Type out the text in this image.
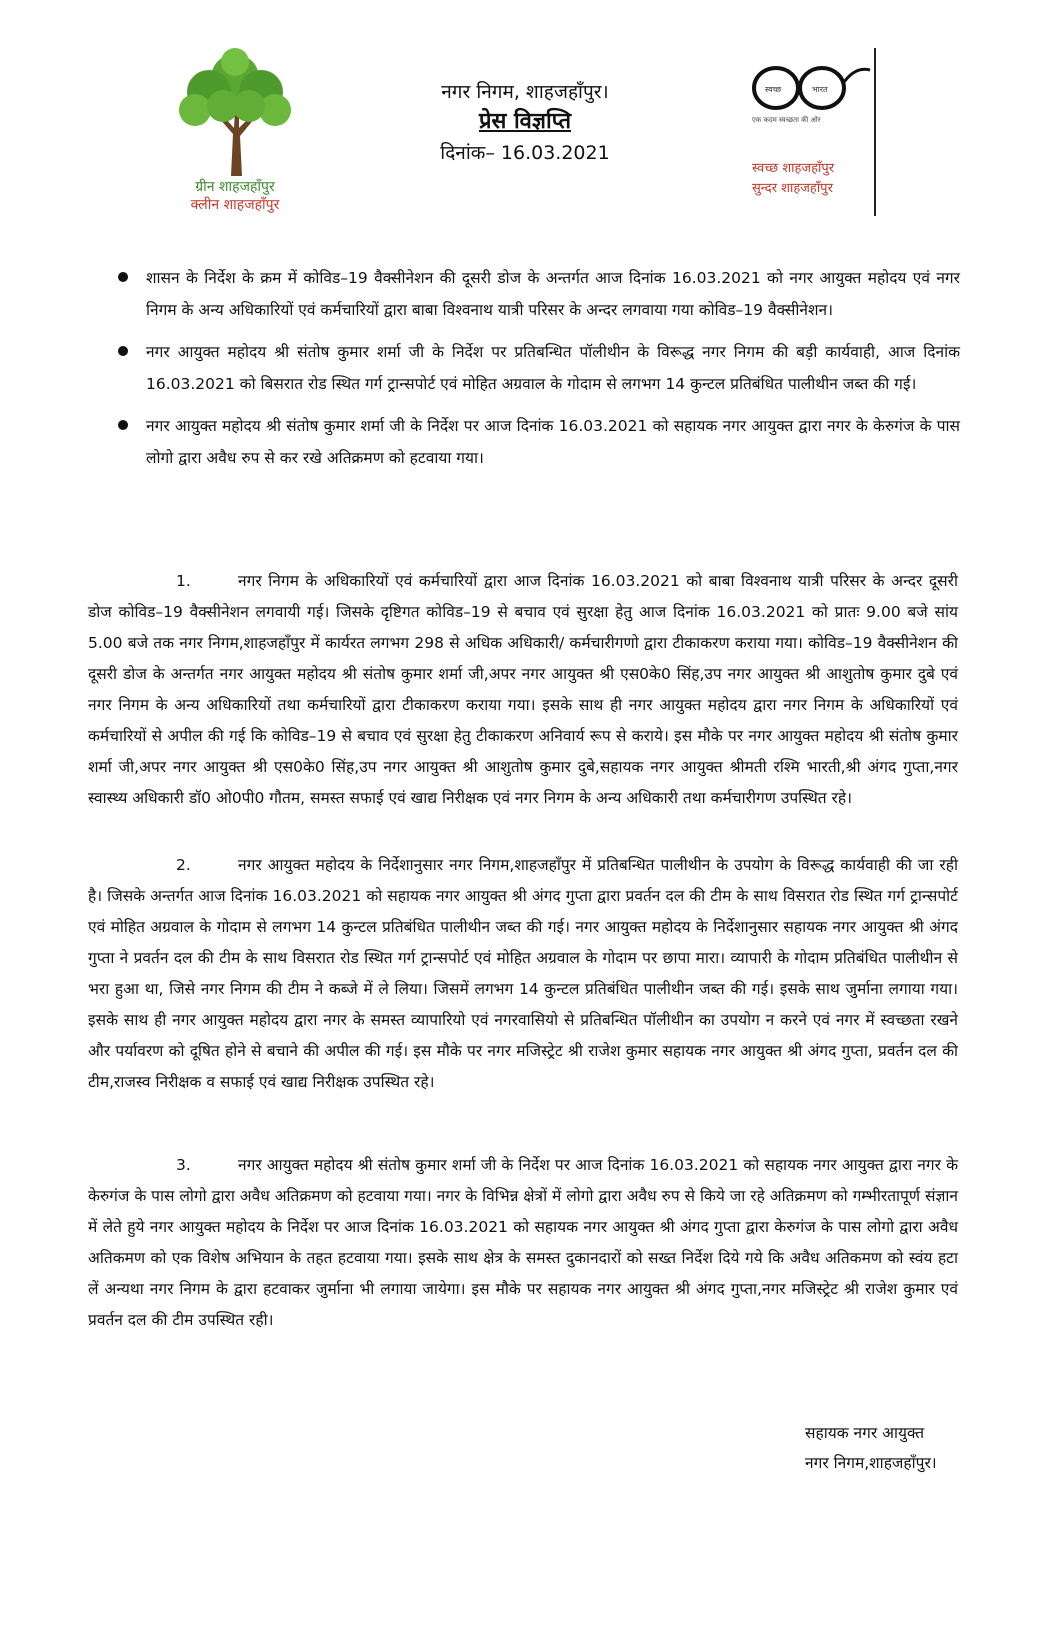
ग्रीन शाहजहाँपुर
क्लीन शाहजहाँपुर
नगर निगम, शाहजहाँपुर।
प्रेस विज्ञप्ति
दिनांक– 16.03.2021
स्वच्छ	भारत
एक कदम स्वच्छता की ओर
स्वच्छ शाहजहाँपुर
सुन्दर शाहजहाँपुर
शासन के निर्देश के क्रम में कोविड–19 वैक्सीनेशन की दूसरी डोज के अन्तर्गत आज दिनांक 16.03.2021 को नगर आयुक्त महोदय एवं नगर निगम के अन्य अधिकारियों एवं कर्मचारियों द्वारा बाबा विश्वनाथ यात्री परिसर के अन्दर लगवाया गया कोविड–19 वैक्सीनेशन।
नगर आयुक्त महोदय श्री संतोष कुमार शर्मा जी के निर्देश पर प्रतिबन्धित पॉलीथीन के विरूद्ध नगर निगम की बड़ी कार्यवाही, आज दिनांक 16.03.2021 को बिसरात रोड स्थित गर्ग ट्रान्सपोर्ट एवं मोहित अग्रवाल के गोदाम से लगभग 14 कुन्टल प्रतिबंधित पालीथीन जब्त की गई।
नगर आयुक्त महोदय श्री संतोष कुमार शर्मा जी के निर्देश पर आज दिनांक 16.03.2021 को सहायक नगर आयुक्त द्वारा नगर के केरुगंज के पास लोगो द्वारा अवैध रुप से कर रखे अतिक्रमण को हटवाया गया।
1.	नगर निगम के अधिकारियों एवं कर्मचारियों द्वारा आज दिनांक 16.03.2021 को बाबा विश्वनाथ यात्री परिसर के अन्दर दूसरी डोज कोविड–19 वैक्सीनेशन लगवायी गई। जिसके दृष्टिगत कोविड–19 से बचाव एवं सुरक्षा हेतु आज दिनांक 16.03.2021 को प्रातः 9.00 बजे सांय 5.00 बजे तक नगर निगम,शाहजहाँपुर में कार्यरत लगभग 298 से अधिक अधिकारी/ कर्मचारीगणो द्वारा टीकाकरण कराया गया। कोविड–19 वैक्सीनेशन की दूसरी डोज के अन्तर्गत नगर आयुक्त महोदय श्री संतोष कुमार शर्मा जी,अपर नगर आयुक्त श्री एस0के0 सिंह,उप नगर आयुक्त श्री आशुतोष कुमार दुबे एवं नगर निगम के अन्य अधिकारियों तथा कर्मचारियों द्वारा टीकाकरण कराया गया। इसके साथ ही नगर आयुक्त महोदय द्वारा नगर निगम के अधिकारियों एवं कर्मचारियों से अपील की गई कि कोविड–19 से बचाव एवं सुरक्षा हेतु टीकाकरण अनिवार्य रूप से कराये। इस मौके पर नगर आयुक्त महोदय श्री संतोष कुमार शर्मा जी,अपर नगर आयुक्त श्री एस0के0 सिंह,उप नगर आयुक्त श्री आशुतोष कुमार दुबे,सहायक नगर आयुक्त श्रीमती रश्मि भारती,श्री अंगद गुप्ता,नगर स्वास्थ्य अधिकारी डॉ0 ओ0पी0 गौतम, समस्त सफाई एवं खाद्य निरीक्षक एवं नगर निगम के अन्य अधिकारी तथा कर्मचारीगण उपस्थित रहे।
2.	नगर आयुक्त महोदय के निर्देशानुसार नगर निगम,शाहजहाँपुर में प्रतिबन्धित पालीथीन के उपयोग के विरूद्ध कार्यवाही की जा रही है। जिसके अन्तर्गत आज दिनांक 16.03.2021 को सहायक नगर आयुक्त श्री अंगद गुप्ता द्वारा प्रवर्तन दल की टीम के साथ विसरात रोड स्थित गर्ग ट्रान्सपोर्ट एवं मोहित अग्रवाल के गोदाम से लगभग 14 कुन्टल प्रतिबंधित पालीथीन जब्त की गई। नगर आयुक्त महोदय के निर्देशानुसार सहायक नगर आयुक्त श्री अंगद गुप्ता ने प्रवर्तन दल की टीम के साथ विसरात रोड स्थित गर्ग ट्रान्सपोर्ट एवं मोहित अग्रवाल के गोदाम पर छापा मारा। व्यापारी के गोदाम प्रतिबंधित पालीथीन से भरा हुआ था, जिसे नगर निगम की टीम ने कब्जे में ले लिया। जिसमें लगभग 14 कुन्टल प्रतिबंधित पालीथीन जब्त की गई। इसके साथ जुर्माना लगाया गया। इसके साथ ही नगर आयुक्त महोदय द्वारा नगर के समस्त व्यापारियो एवं नगरवासियो से प्रतिबन्धित पॉलीथीन का उपयोग न करने एवं नगर में स्वच्छता रखने और पर्यावरण को दूषित होने से बचाने की अपील की गई। इस मौके पर नगर मजिस्ट्रेट श्री राजेश कुमार सहायक नगर आयुक्त श्री अंगद गुप्ता, प्रवर्तन दल की टीम,राजस्व निरीक्षक व सफाई एवं खाद्य निरीक्षक उपस्थित रहे।
3.	नगर आयुक्त महोदय श्री संतोष कुमार शर्मा जी के निर्देश पर आज दिनांक 16.03.2021 को सहायक नगर आयुक्त द्वारा नगर के केरुगंज के पास लोगो द्वारा अवैध अतिक्रमण को हटवाया गया। नगर के विभिन्न क्षेत्रों में लोगो द्वारा अवैध रुप से किये जा रहे अतिक्रमण को गम्भीरतापूर्ण संज्ञान में लेते हुये नगर आयुक्त महोदय के निर्देश पर आज दिनांक 16.03.2021 को सहायक नगर आयुक्त श्री अंगद गुप्ता द्वारा केरुगंज के पास लोगो द्वारा अवैध अतिकमण को एक विशेष अभियान के तहत हटवाया गया। इसके साथ क्षेत्र के समस्त दुकानदारों को सख्त निर्देश दिये गये कि अवैध अतिकमण को स्वंय हटा लें अन्यथा नगर निगम के द्वारा हटवाकर जुर्माना भी लगाया जायेगा। इस मौके पर सहायक नगर आयुक्त श्री अंगद गुप्ता,नगर मजिस्ट्रेट श्री राजेश कुमार एवं प्रवर्तन दल की टीम उपस्थित रही।
सहायक नगर आयुक्त
नगर निगम,शाहजहाँपुर।
